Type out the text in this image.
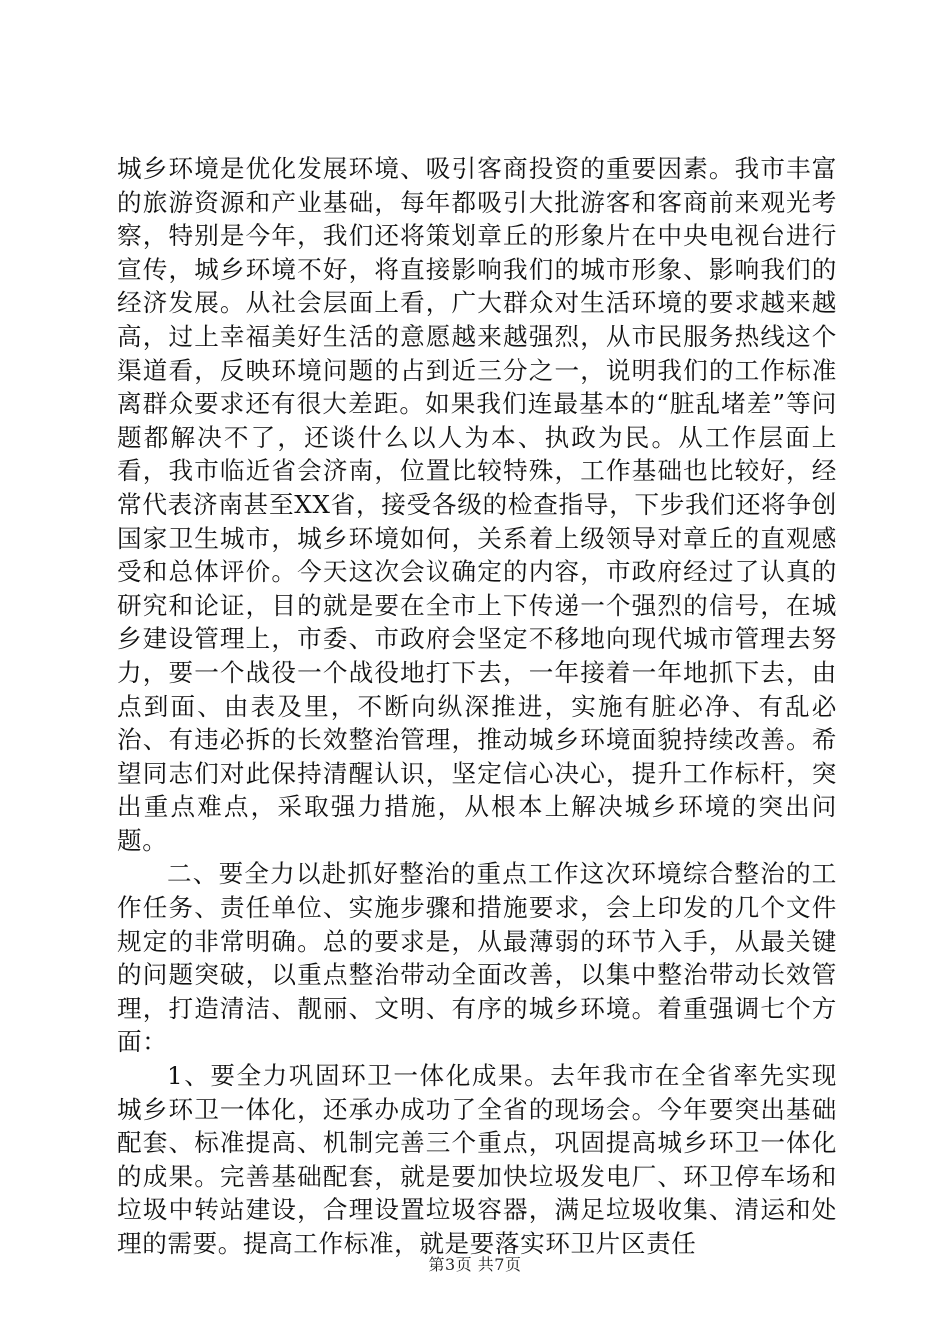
城乡环境是优化发展环境、吸引客商投资的重要因素。我市丰富的旅游资源和产业基础，每年都吸引大批游客和客商前来观光考察，特别是今年，我们还将策划章丘的形象片在中央电视台进行宣传，城乡环境不好，将直接影响我们的城市形象、影响我们的经济发展。从社会层面上看，广大群众对生活环境的要求越来越高，过上幸福美好生活的意愿越来越强烈，从市民服务热线这个渠道看，反映环境问题的占到近三分之一，说明我们的工作标准离群众要求还有很大差距。如果我们连最基本的“脏乱堵差”等问题都解决不了，还谈什么以人为本、执政为民。从工作层面上看，我市临近省会济南，位置比较特殊，工作基础也比较好，经常代表济南甚至XX省，接受各级的检查指导，下步我们还将争创国家卫生城市，城乡环境如何，关系着上级领导对章丘的直观感受和总体评价。今天这次会议确定的内容，市政府经过了认真的研究和论证，目的就是要在全市上下传递一个强烈的信号，在城乡建设管理上，市委、市政府会坚定不移地向现代城市管理去努力，要一个战役一个战役地打下去，一年接着一年地抓下去，由点到面、由表及里，不断向纵深推进，实施有脏必净、有乱必治、有违必拆的长效整治管理，推动城乡环境面貌持续改善。希望同志们对此保持清醒认识，坚定信心决心，提升工作标杆，突出重点难点，采取强力措施，从根本上解决城乡环境的突出问题。

二、要全力以赴抓好整治的重点工作这次环境综合整治的工作任务、责任单位、实施步骤和措施要求，会上印发的几个文件规定的非常明确。总的要求是，从最薄弱的环节入手，从最关键的问题突破，以重点整治带动全面改善，以集中整治带动长效管理，打造清洁、靓丽、文明、有序的城乡环境。着重强调七个方面：

1、要全力巩固环卫一体化成果。去年我市在全省率先实现城乡环卫一体化，还承办成功了全省的现场会。今年要突出基础配套、标准提高、机制完善三个重点，巩固提高城乡环卫一体化的成果。完善基础配套，就是要加快垃圾发电厂、环卫停车场和垃圾中转站建设，合理设置垃圾容器，满足垃圾收集、清运和处理的需要。提高工作标准，就是要落实环卫片区责任

第3页 共7页
